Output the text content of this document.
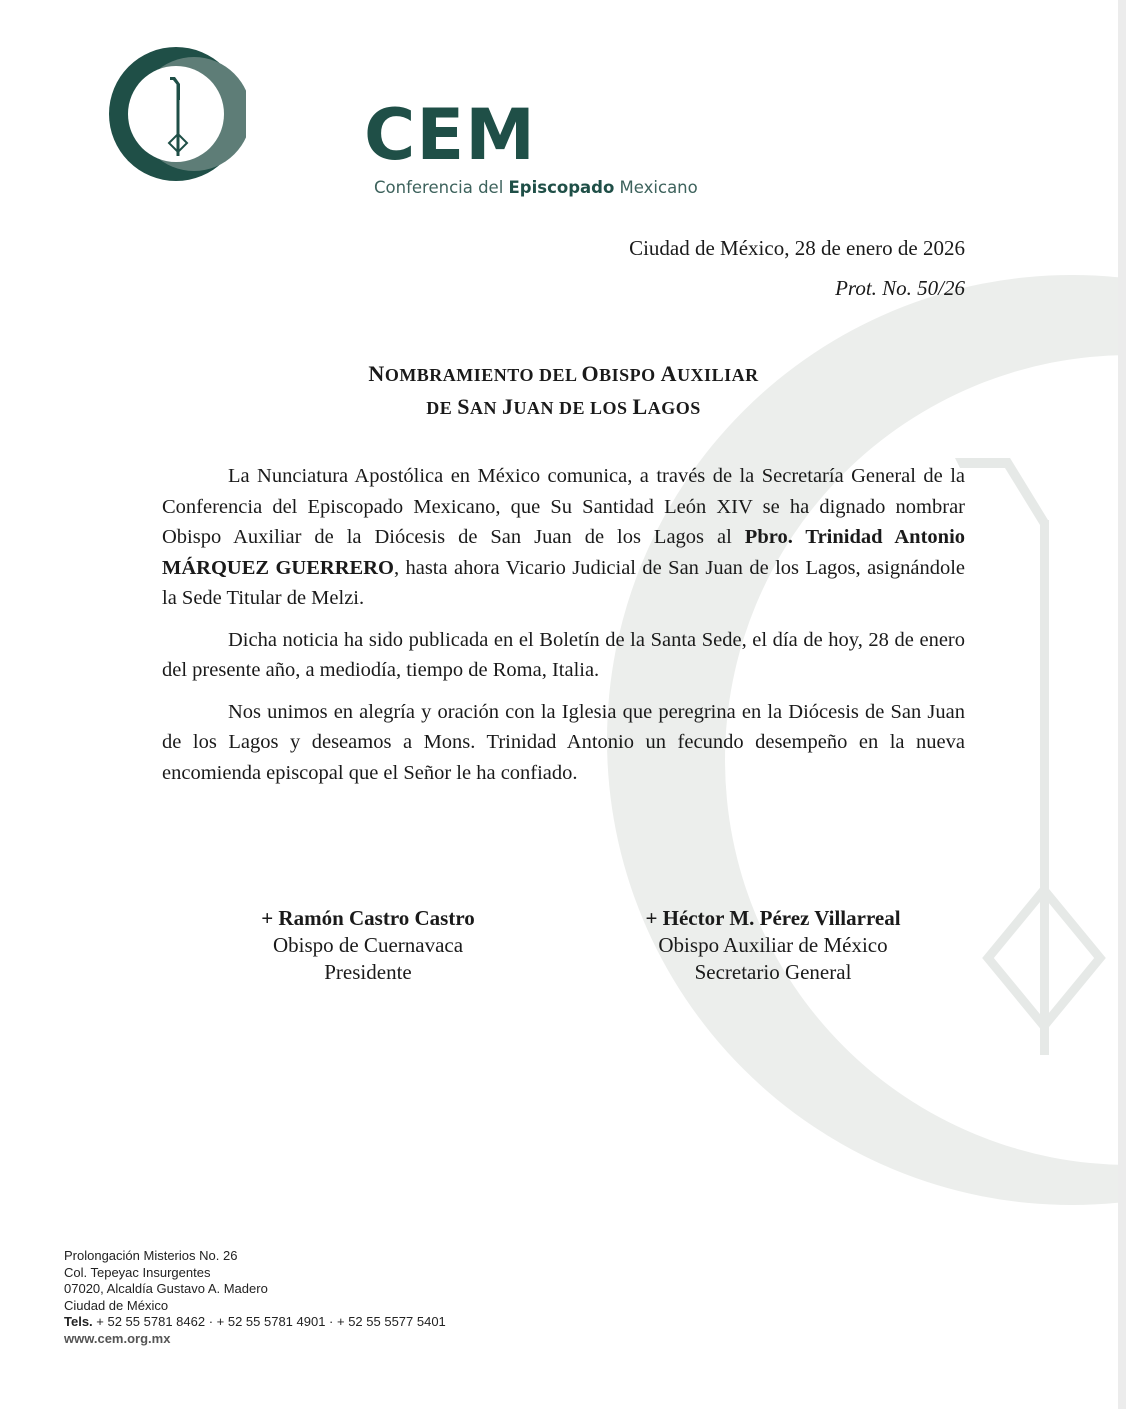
CEM
Conferencia del Episcopado Mexicano
Ciudad de México, 28 de enero de 2026
Prot. No. 50/26
NOMBRAMIENTO DEL OBISPO AUXILIAR
DE SAN JUAN DE LOS LAGOS

La Nunciatura Apostólica en México comunica, a través de la Secretaría General de la Conferencia del Episcopado Mexicano, que Su Santidad León XIV se ha dignado nombrar Obispo Auxiliar de la Diócesis de San Juan de los Lagos al Pbro. Trinidad Antonio MÁRQUEZ GUERRERO, hasta ahora Vicario Judicial de San Juan de los Lagos, asignándole la Sede Titular de Melzi.

Dicha noticia ha sido publicada en el Boletín de la Santa Sede, el día de hoy, 28 de enero del presente año, a mediodía, tiempo de Roma, Italia.

Nos unimos en alegría y oración con la Iglesia que peregrina en la Diócesis de San Juan de los Lagos y deseamos a Mons. Trinidad Antonio un fecundo desempeño en la nueva encomienda episcopal que el Señor le ha confiado.

+ Ramón Castro Castro
Obispo de Cuernavaca
Presidente
+ Héctor M. Pérez Villarreal
Obispo Auxiliar de México
Secretario General
Prolongación Misterios No. 26
Col. Tepeyac Insurgentes
07020, Alcaldía Gustavo A. Madero
Ciudad de México
Tels. + 52 55 5781 8462 · + 52 55 5781 4901 · + 52 55 5577 5401
www.cem.org.mx
